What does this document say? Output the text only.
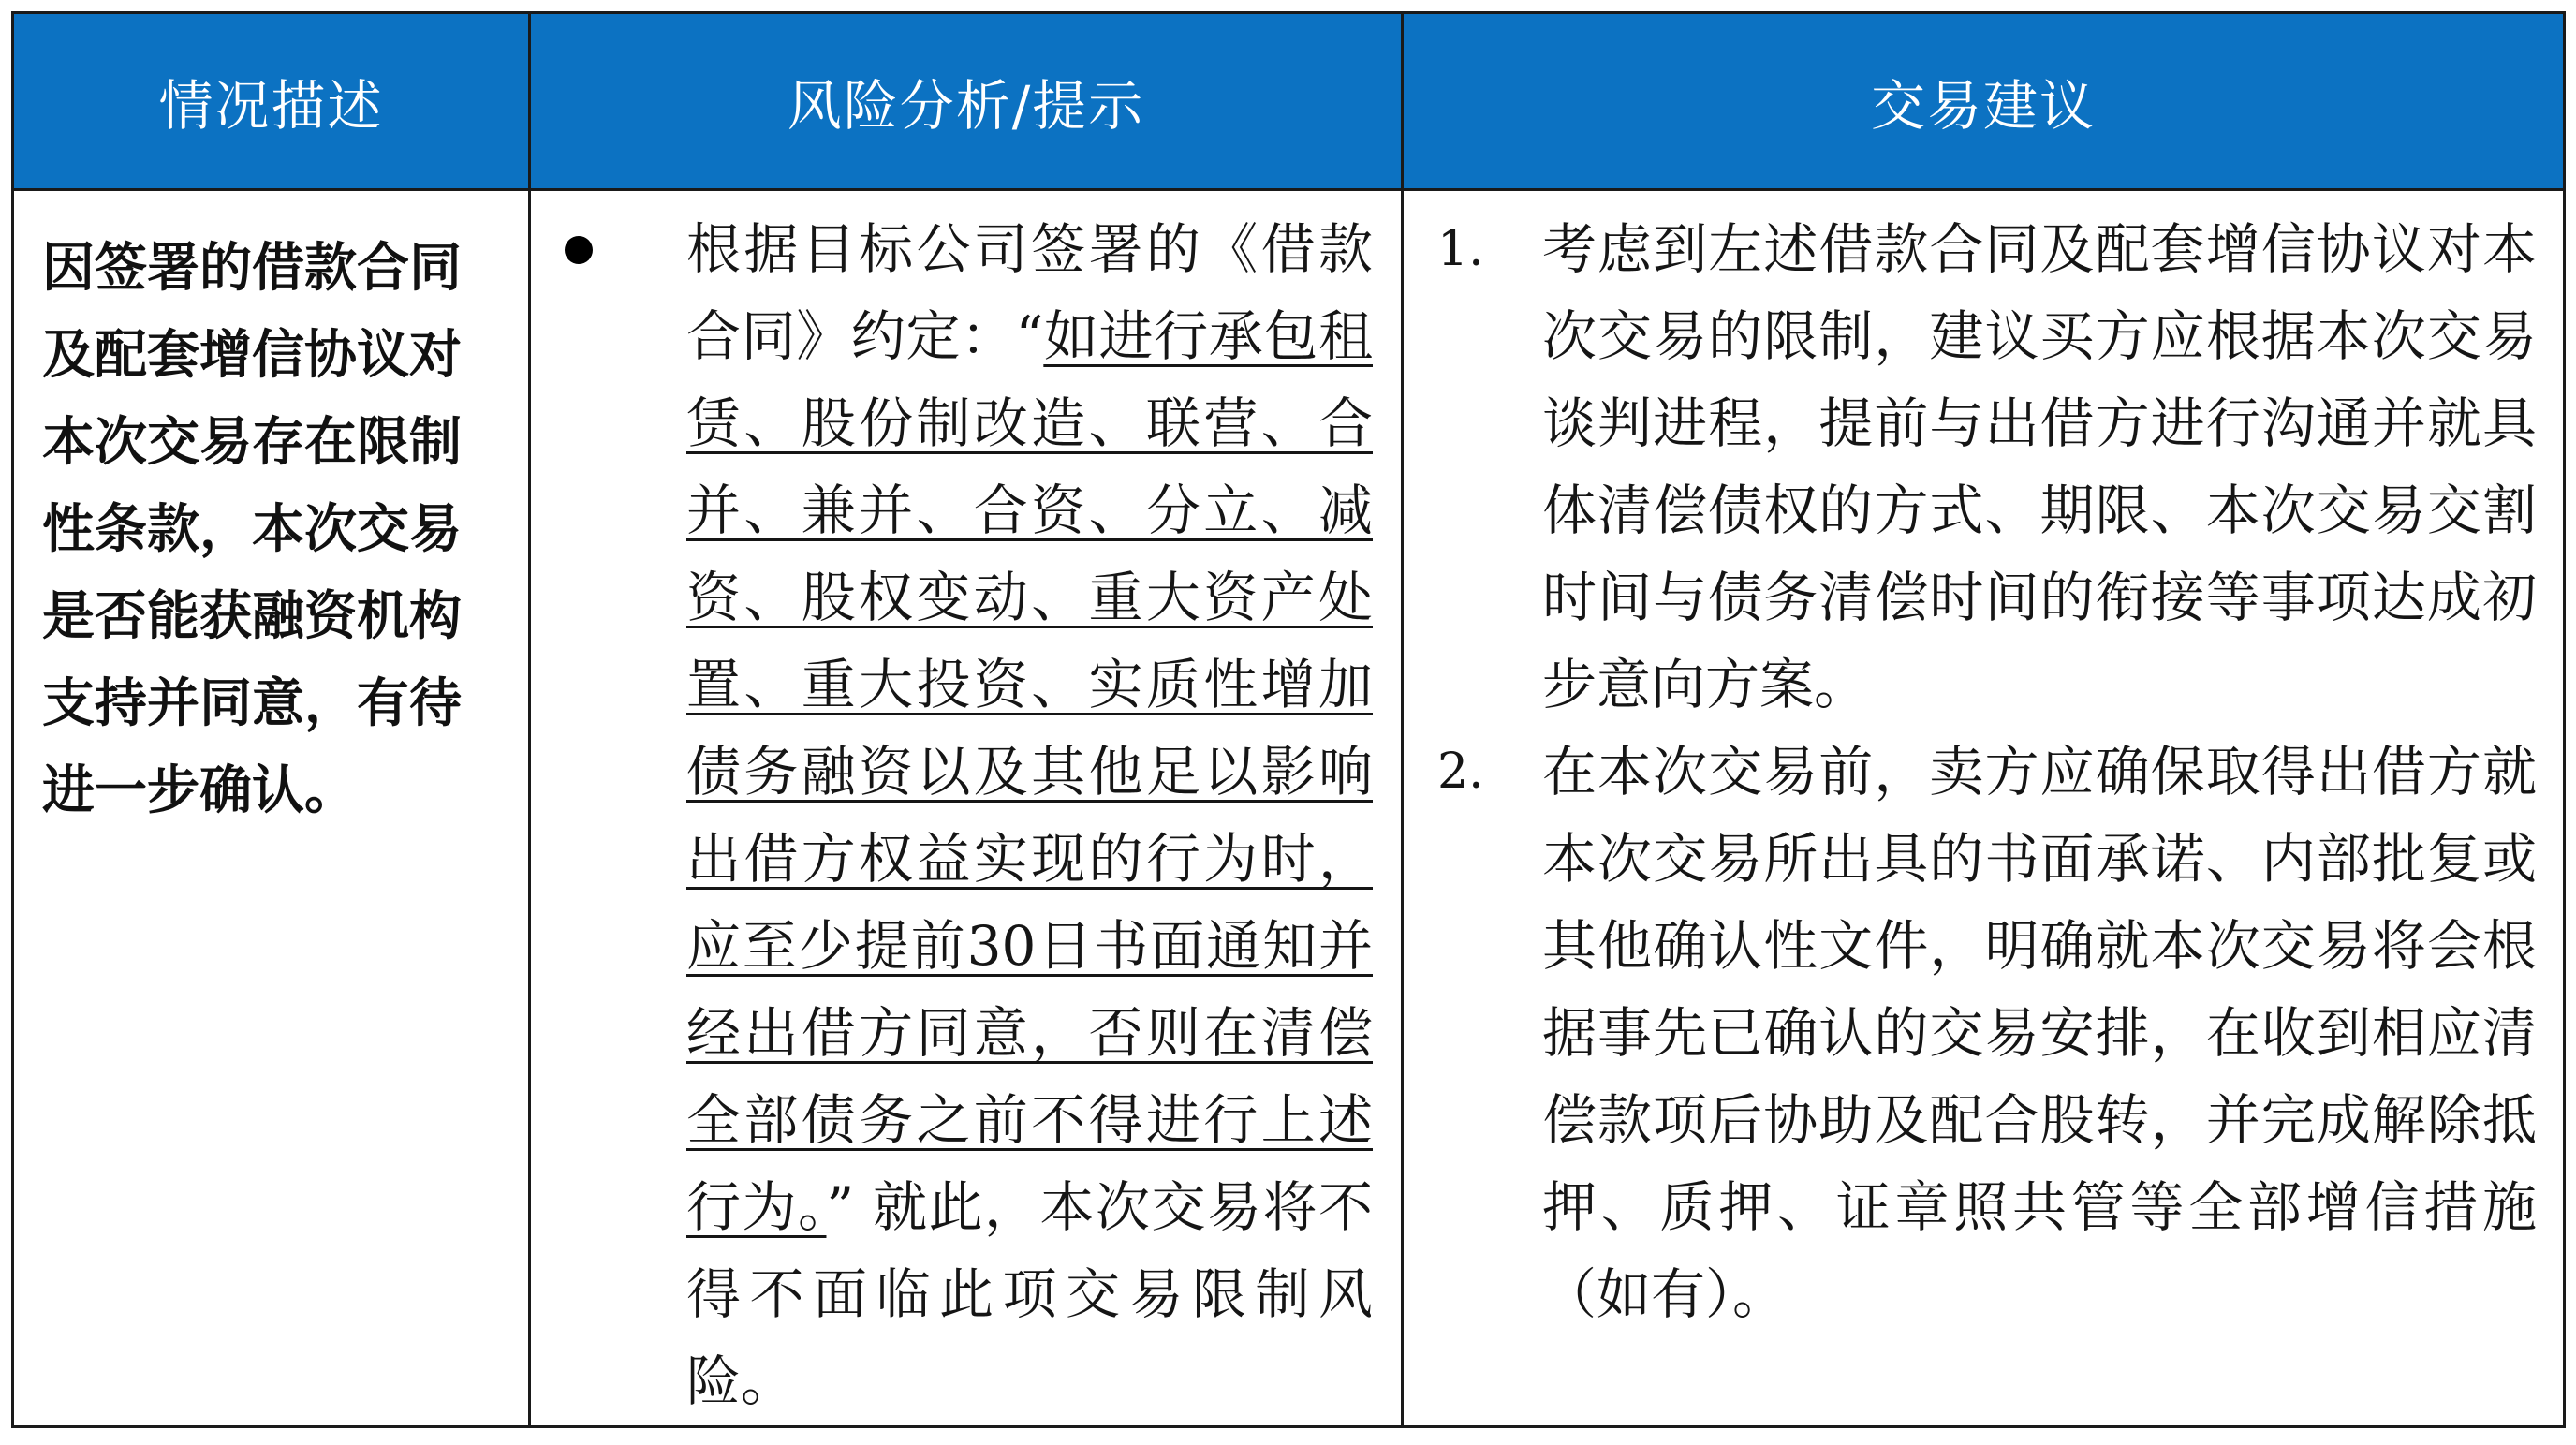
情况描述	风险分析/提示	交易建议

因签署的借款合同及配套增信协议对本次交易存在限制性条款，本次交易是否能获融资机构支持并同意，有待进一步确认。	根据目标公司签署的《借款合同》约定：“如进行承包租赁、股份制改造、联营、合并、兼并、合资、分立、减资、股权变动、重大资产处置、重大投资、实质性增加债务融资以及其他足以影响出借方权益实现的行为时，应至少提前30日书面通知并经出借方同意，否则在清偿全部债务之前不得进行上述行为。” 就此，本次交易将不得不面临此项交易限制风险。	1. 考虑到左述借款合同及配套增信协议对本次交易的限制，建议买方应根据本次交易谈判进程，提前与出借方进行沟通并就具体清偿债权的方式、期限、本次交易交割时间与债务清偿时间的衔接等事项达成初步意向方案。
2. 在本次交易前，卖方应确保取得出借方就本次交易所出具的书面承诺、内部批复或其他确认性文件，明确就本次交易将会根据事先已确认的交易安排，在收到相应清偿款项后协助及配合股转，并完成解除抵押、质押、证章照共管等全部增信措施（如有）。
